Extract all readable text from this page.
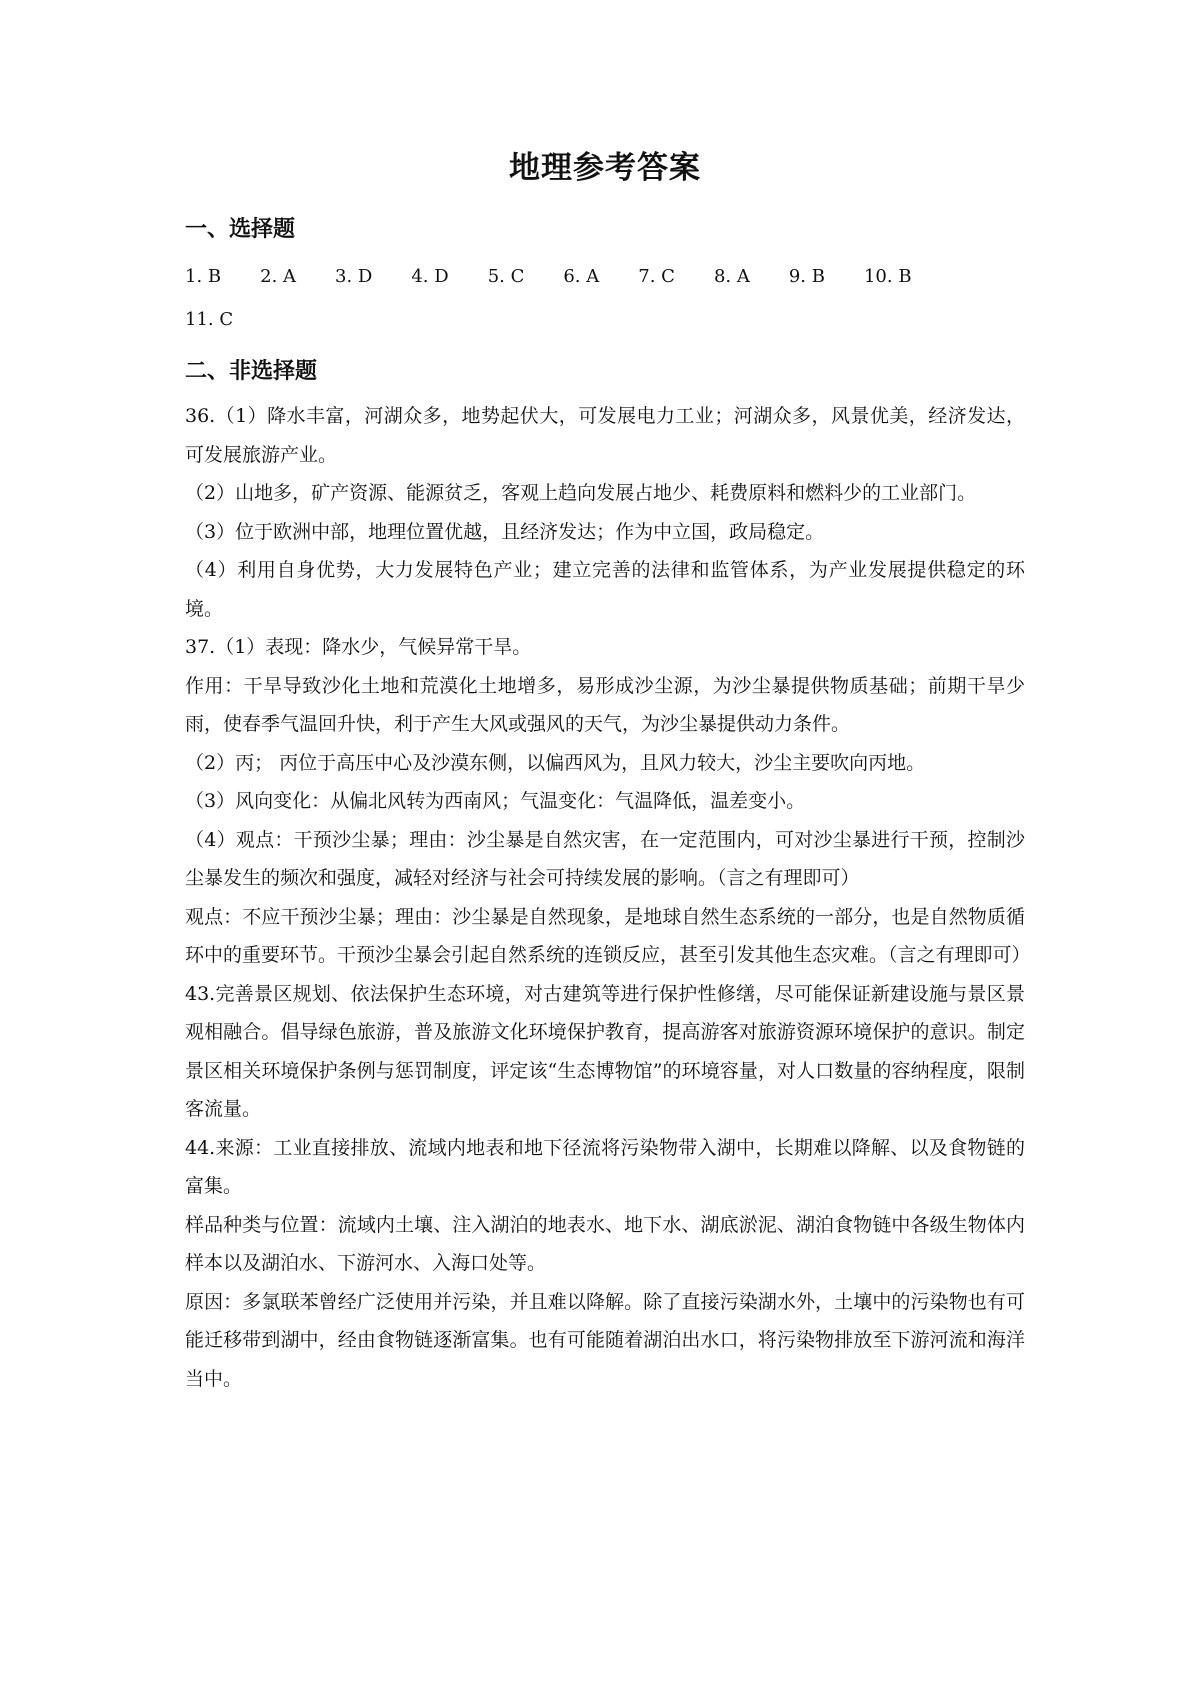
地理参考答案
一、选择题
1. B 2. A 3. D 4. D 5. C 6. A 7. C 8. A 9. B 10. B
11. C
二、非选择题

36.（1）降水丰富，河湖众多，地势起伏大，可发展电力工业；河湖众多，风景优美，经济发达，可发展旅游产业。

（2）山地多，矿产资源、能源贫乏，客观上趋向发展占地少、耗费原料和燃料少的工业部门。

（3）位于欧洲中部，地理位置优越，且经济发达；作为中立国，政局稳定。

（4）利用自身优势，大力发展特色产业；建立完善的法律和监管体系，为产业发展提供稳定的环境。

37.（1）表现：降水少，气候异常干旱。

作用：干旱导致沙化土地和荒漠化土地增多，易形成沙尘源，为沙尘暴提供物质基础；前期干旱少雨，使春季气温回升快，利于产生大风或强风的天气，为沙尘暴提供动力条件。

（2）丙； 丙位于高压中心及沙漠东侧，以偏西风为，且风力较大，沙尘主要吹向丙地。

（3）风向变化：从偏北风转为西南风；气温变化：气温降低，温差变小。

（4）观点：干预沙尘暴；理由：沙尘暴是自然灾害，在一定范围内，可对沙尘暴进行干预，控制沙尘暴发生的频次和强度，减轻对经济与社会可持续发展的影响。（言之有理即可）

观点：不应干预沙尘暴；理由：沙尘暴是自然现象，是地球自然生态系统的一部分，也是自然物质循环中的重要环节。干预沙尘暴会引起自然系统的连锁反应，甚至引发其他生态灾难。（言之有理即可）

43.完善景区规划、依法保护生态环境，对古建筑等进行保护性修缮，尽可能保证新建设施与景区景观相融合。倡导绿色旅游，普及旅游文化环境保护教育，提高游客对旅游资源环境保护的意识。制定景区相关环境保护条例与惩罚制度，评定该“生态博物馆”的环境容量，对人口数量的容纳程度，限制客流量。

44.来源：工业直接排放、流域内地表和地下径流将污染物带入湖中，长期难以降解、以及食物链的富集。

样品种类与位置：流域内土壤、注入湖泊的地表水、地下水、湖底淤泥、湖泊食物链中各级生物体内样本以及湖泊水、下游河水、入海口处等。

原因：多氯联苯曾经广泛使用并污染，并且难以降解。除了直接污染湖水外，土壤中的污染物也有可能迁移带到湖中，经由食物链逐渐富集。也有可能随着湖泊出水口，将污染物排放至下游河流和海洋当中。
